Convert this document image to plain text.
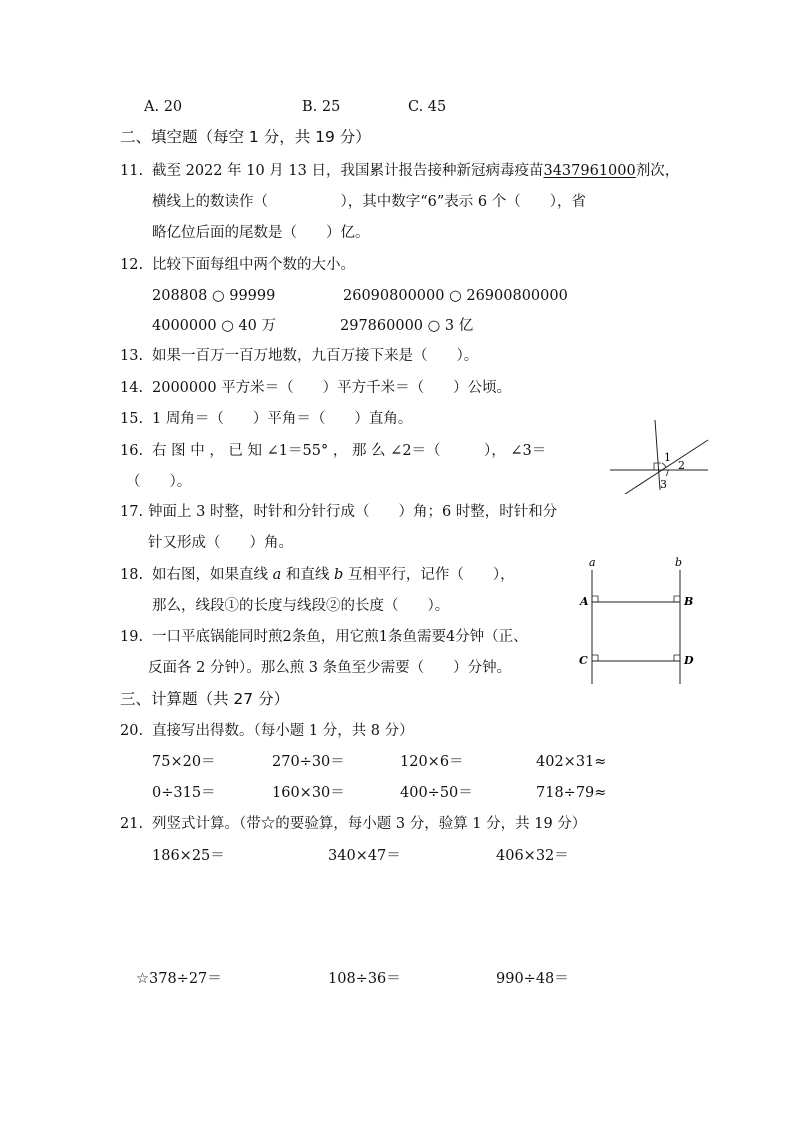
A. 20	B. 25	C. 45
二、填空题（每空 1 分，共 19 分）
11. 截至 2022 年 10 月 13 日，我国累计报告接种新冠病毒疫苗3437961000剂次，
横线上的数读作（　　　　　），其中数字“6”表示 6 个（　　），省
略亿位后面的尾数是（　　）亿。
12. 比较下面每组中两个数的大小。
208808 ○ 99999	26090800000 ○ 26900800000
4000000 ○ 40 万	297860000 ○ 3 亿
13. 如果一百万一百万地数，九百万接下来是（　　）。
14. 2000000 平方米＝（　　）平方千米＝（　　）公顷。
15. 1 周角＝（　　）平角＝（　　）直角。
16. 右 图 中 ， 已 知 ∠1＝55° ， 那 么 ∠2＝（　　　）， ∠3＝
（　　）。
1
2
3
17. 钟面上 3 时整，时针和分针行成（　　）角；6 时整，时针和分
针又形成（　　）角。
18. 如右图，如果直线 a 和直线 b 互相平行，记作（　　），
那么，线段①的长度与线段②的长度（　　）。
a	b
A	B
C	D
19. 一口平底锅能同时煎2条鱼，用它煎1条鱼需要4分钟（正、
反面各 2 分钟）。那么煎 3 条鱼至少需要（　　）分钟。
三、计算题（共 27 分）
20. 直接写出得数。（每小题 1 分，共 8 分）
75×20＝	270÷30＝	120×6＝	402×31≈
0÷315＝	160×30＝	400÷50＝	718÷79≈
21. 列竖式计算。（带☆的要验算，每小题 3 分，验算 1 分，共 19 分）
186×25＝	340×47＝	406×32＝
☆378÷27＝	108÷36＝	990÷48＝
